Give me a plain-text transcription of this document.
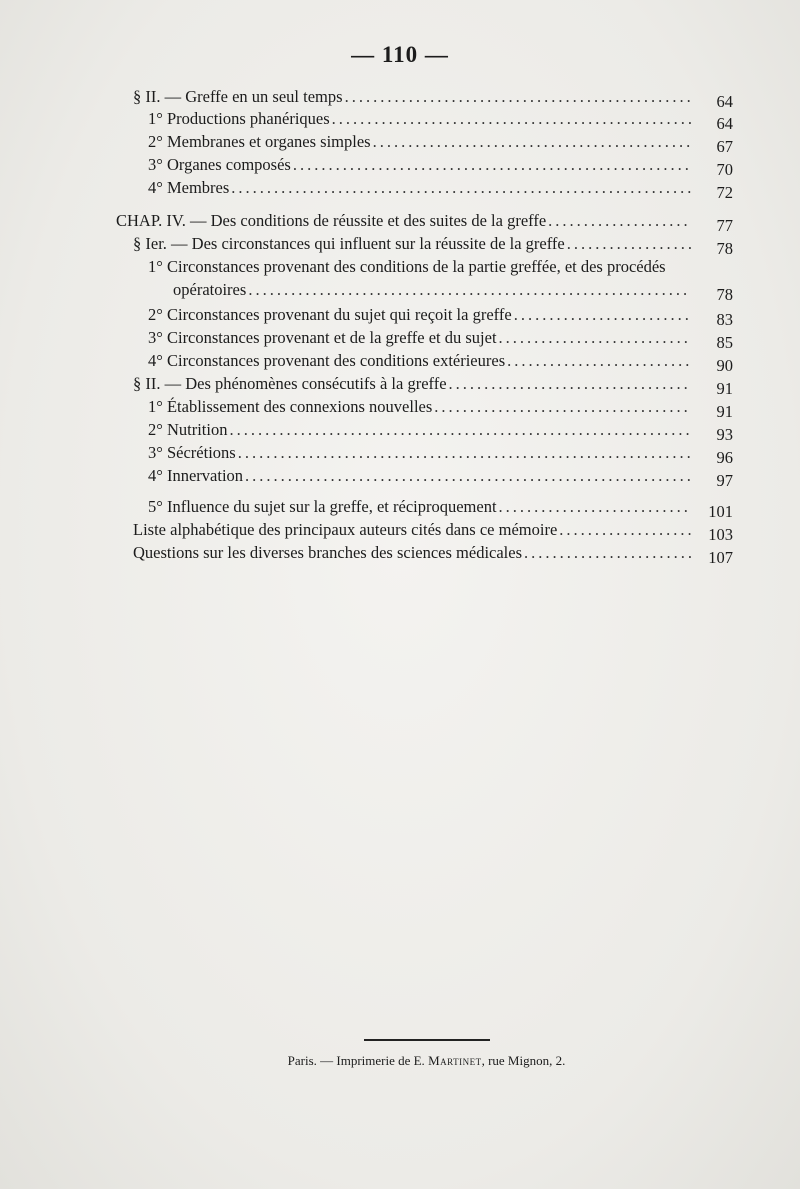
— 110 —
§ II. — Greffe en un seul temps .....	64
1° Productions phanériques .....	64
2° Membranes et organes simples .....	67
3° Organes composés .....	70
4° Membres .....	72
CHAP. IV. — Des conditions de réussite et des suites de la greffe .....	77
§ Ier. — Des circonstances qui influent sur la réussite de la greffe .....	78
1° Circonstances provenant des conditions de la partie greffée, et des procédés
opératoires .....	78
2° Circonstances provenant du sujet qui reçoit la greffe .....	83
3° Circonstances provenant et de la greffe et du sujet .....	85
4° Circonstances provenant des conditions extérieures .....	90
§ II. — Des phénomènes consécutifs à la greffe .....	91
1° Établissement des connexions nouvelles .....	91
2° Nutrition .....	93
3° Sécrétions .....	96
4° Innervation .....	97
5° Influence du sujet sur la greffe, et réciproquement .....	101
Liste alphabétique des principaux auteurs cités dans ce mémoire .....	103
Questions sur les diverses branches des sciences médicales .....	107
Paris. — Imprimerie de E. Martinet, rue Mignon, 2.
